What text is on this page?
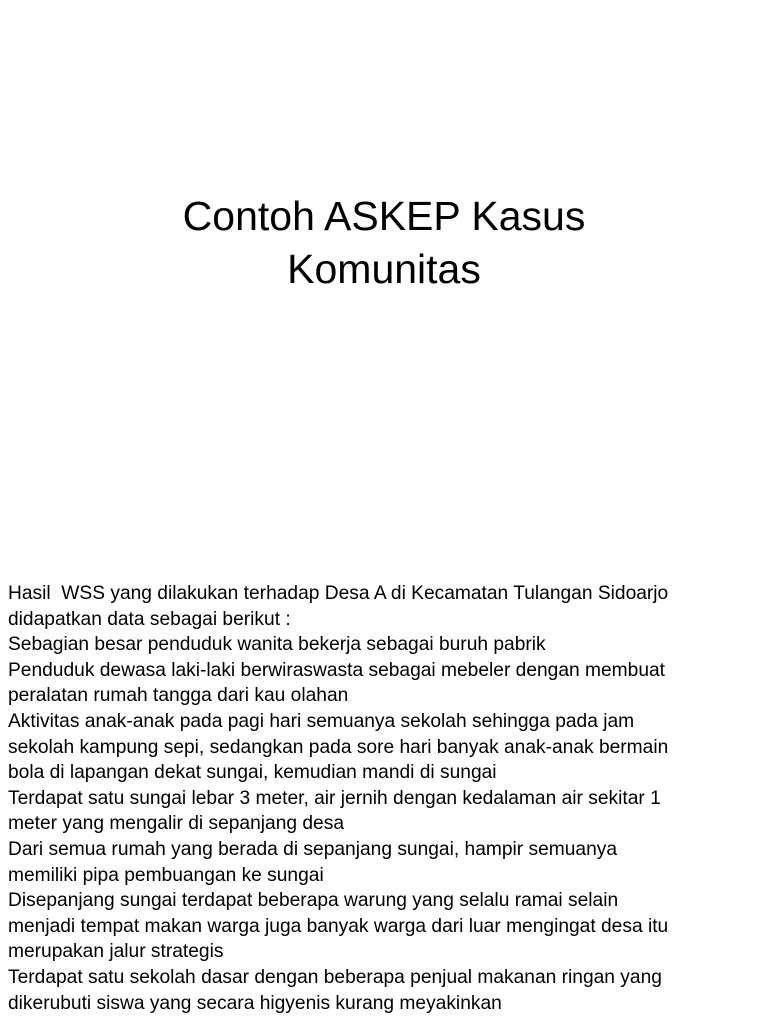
Contoh ASKEP Kasus
Komunitas
Hasil  WSS yang dilakukan terhadap Desa A di Kecamatan Tulangan Sidoarjo
didapatkan data sebagai berikut :
Sebagian besar penduduk wanita bekerja sebagai buruh pabrik
Penduduk dewasa laki-laki berwiraswasta sebagai mebeler dengan membuat
peralatan rumah tangga dari kau olahan
Aktivitas anak-anak pada pagi hari semuanya sekolah sehingga pada jam
sekolah kampung sepi, sedangkan pada sore hari banyak anak-anak bermain
bola di lapangan dekat sungai, kemudian mandi di sungai
Terdapat satu sungai lebar 3 meter, air jernih dengan kedalaman air sekitar 1
meter yang mengalir di sepanjang desa
Dari semua rumah yang berada di sepanjang sungai, hampir semuanya
memiliki pipa pembuangan ke sungai
Disepanjang sungai terdapat beberapa warung yang selalu ramai selain
menjadi tempat makan warga juga banyak warga dari luar mengingat desa itu
merupakan jalur strategis
Terdapat satu sekolah dasar dengan beberapa penjual makanan ringan yang
dikerubuti siswa yang secara higyenis kurang meyakinkan
